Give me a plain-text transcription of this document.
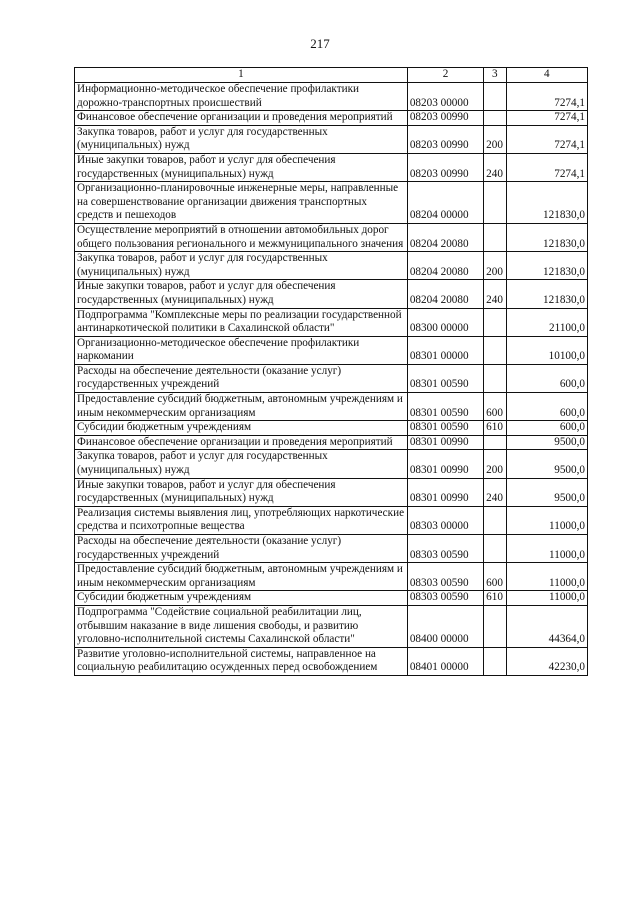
217
1	2	3	4
Информационно-методическое обеспечение профилактики дорожно-транспортных происшествий	08203 00000		7274,1
Финансовое обеспечение организации и проведения мероприятий	08203 00990		7274,1
Закупка товаров, работ и услуг для государственных (муниципальных) нужд	08203 00990	200	7274,1
Иные закупки товаров, работ и услуг для обеспечения государственных (муниципальных) нужд	08203 00990	240	7274,1
Организационно-планировочные инженерные меры, направленные на совершенствование организации движения транспортных средств и пешеходов	08204 00000		121830,0
Осуществление мероприятий в отношении автомобильных дорог общего пользования регионального и межмуниципального значения	08204 20080		121830,0
Закупка товаров, работ и услуг для государственных (муниципальных) нужд	08204 20080	200	121830,0
Иные закупки товаров, работ и услуг для обеспечения государственных (муниципальных) нужд	08204 20080	240	121830,0
Подпрограмма "Комплексные меры по реализации государственной антинаркотической политики в Сахалинской области"	08300 00000		21100,0
Организационно-методическое обеспечение профилактики наркомании	08301 00000		10100,0
Расходы на обеспечение деятельности (оказание услуг) государственных учреждений	08301 00590		600,0
Предоставление субсидий бюджетным, автономным учреждениям и иным некоммерческим организациям	08301 00590	600	600,0
Субсидии бюджетным учреждениям	08301 00590	610	600,0
Финансовое обеспечение организации и проведения мероприятий	08301 00990		9500,0
Закупка товаров, работ и услуг для государственных (муниципальных) нужд	08301 00990	200	9500,0
Иные закупки товаров, работ и услуг для обеспечения государственных (муниципальных) нужд	08301 00990	240	9500,0
Реализация системы выявления лиц, употребляющих наркотические средства и психотропные вещества	08303 00000		11000,0
Расходы на обеспечение деятельности (оказание услуг) государственных учреждений	08303 00590		11000,0
Предоставление субсидий бюджетным, автономным учреждениям и иным некоммерческим организациям	08303 00590	600	11000,0
Субсидии бюджетным учреждениям	08303 00590	610	11000,0
Подпрограмма "Содействие социальной реабилитации лиц, отбывшим наказание в виде лишения свободы, и развитию уголовно-исполнительной системы Сахалинской области"	08400 00000		44364,0
Развитие уголовно-исполнительной системы, направленное на социальную реабилитацию осужденных перед освобождением	08401 00000		42230,0
